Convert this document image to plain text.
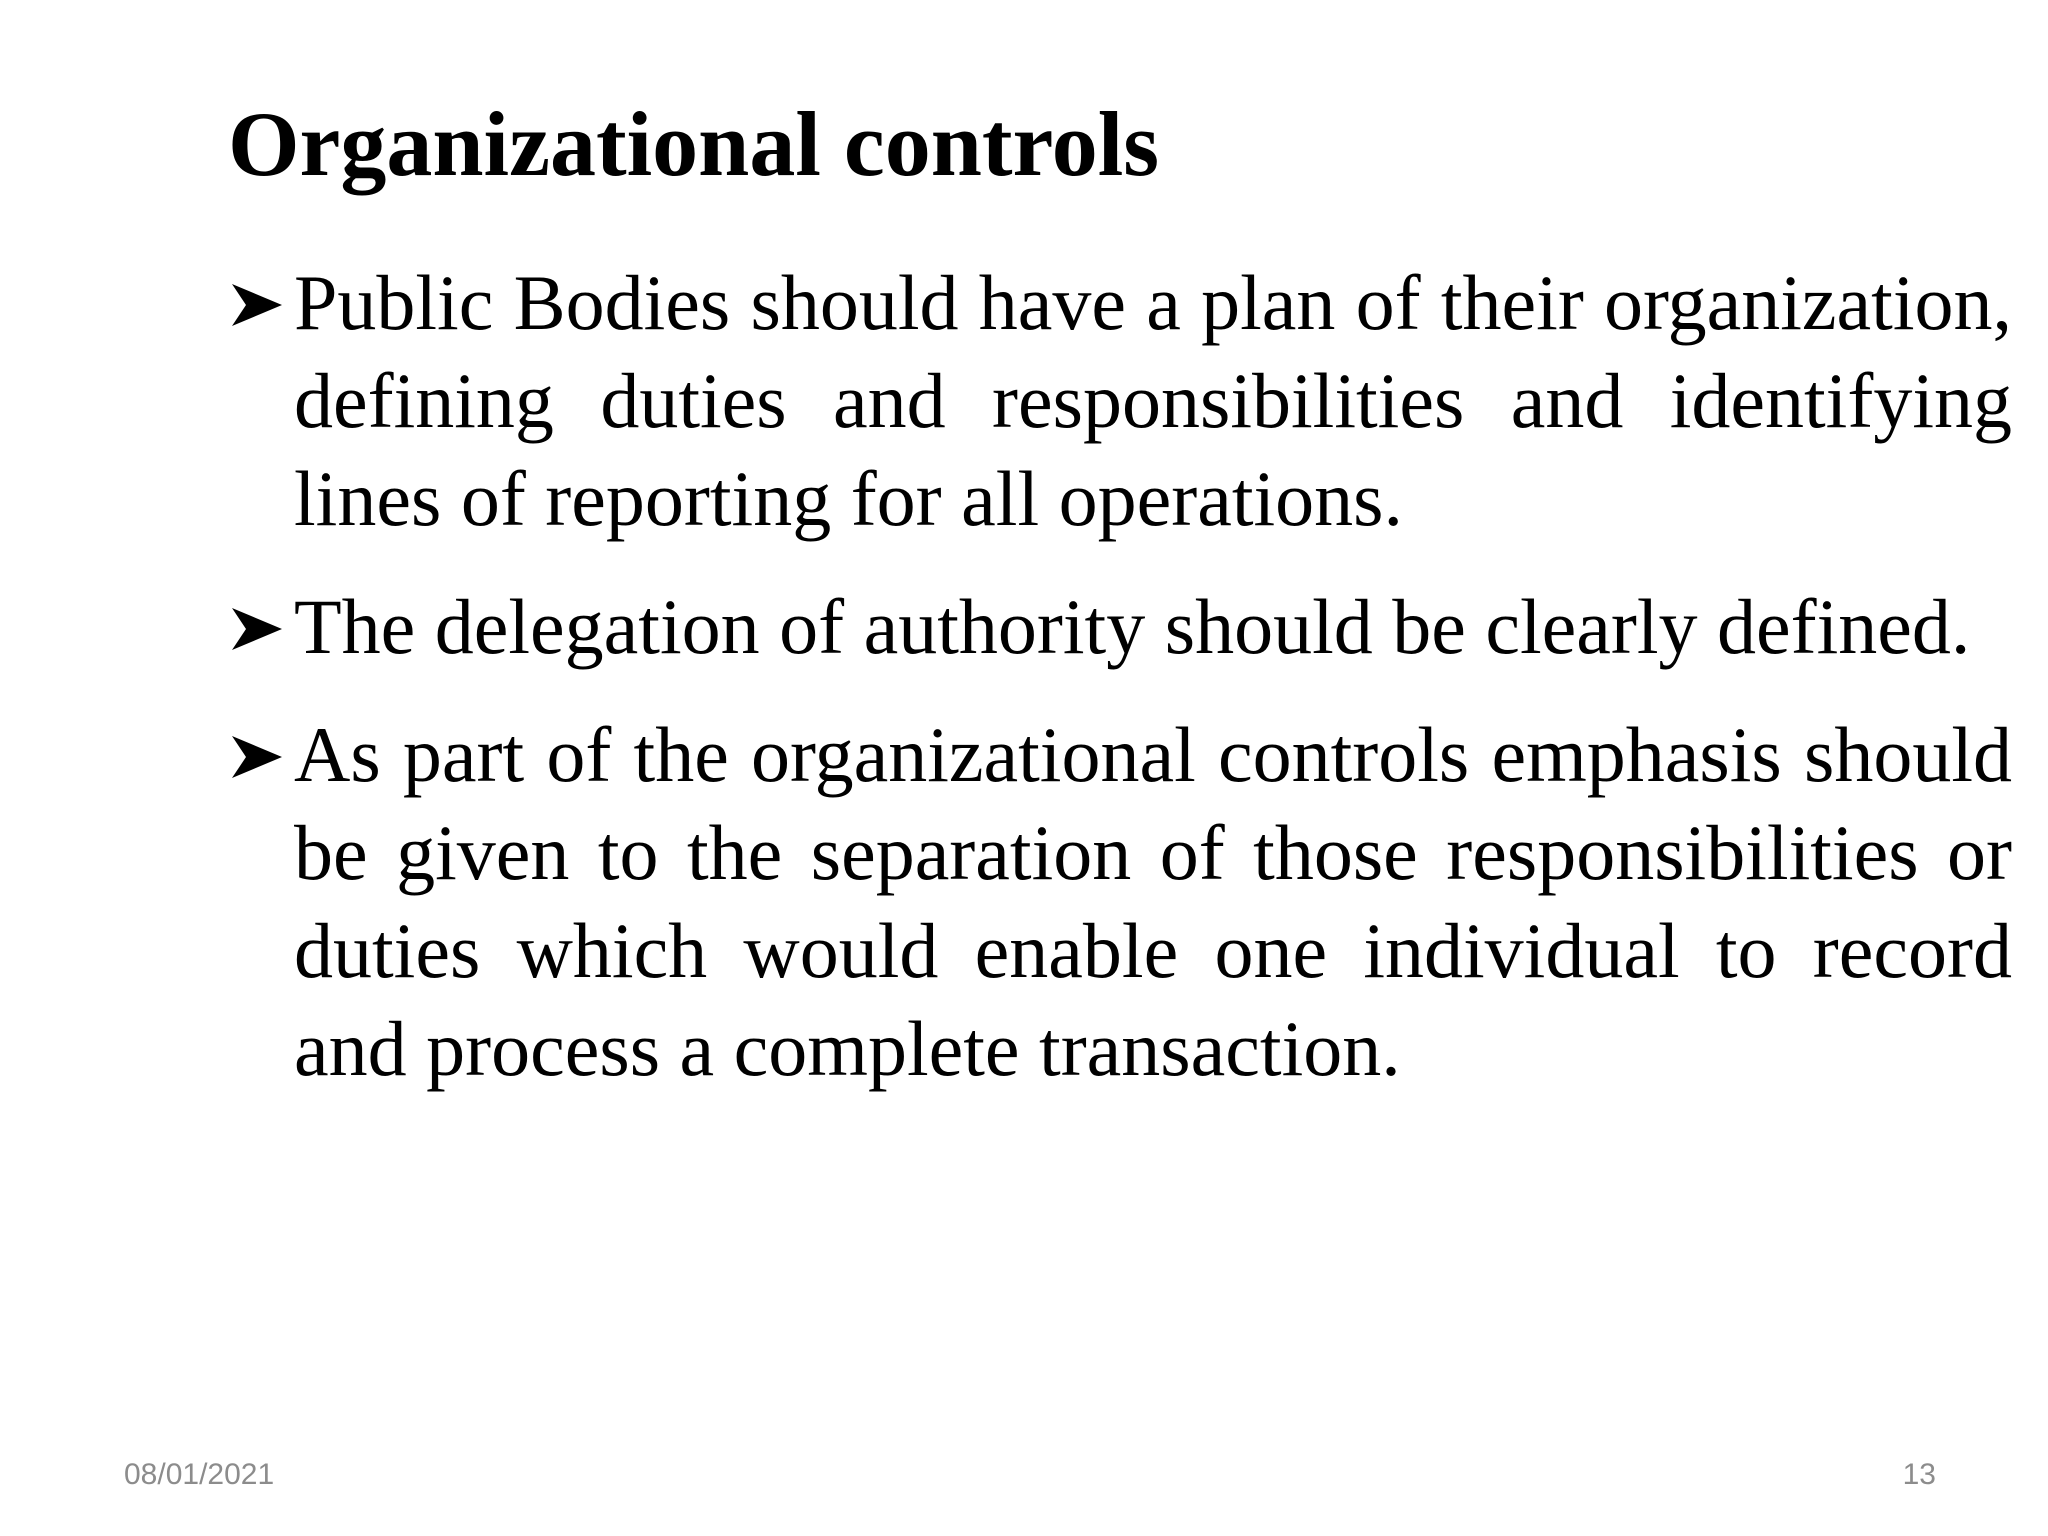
Organizational controls
Public Bodies should have a plan of their organization, defining duties and responsibilities and identifying lines of reporting for all operations.
The delegation of authority should be clearly defined.
As part of the organizational controls emphasis should be given to the separation of those responsibilities or duties which would enable one individual to record and process a complete transaction.
08/01/2021	13
